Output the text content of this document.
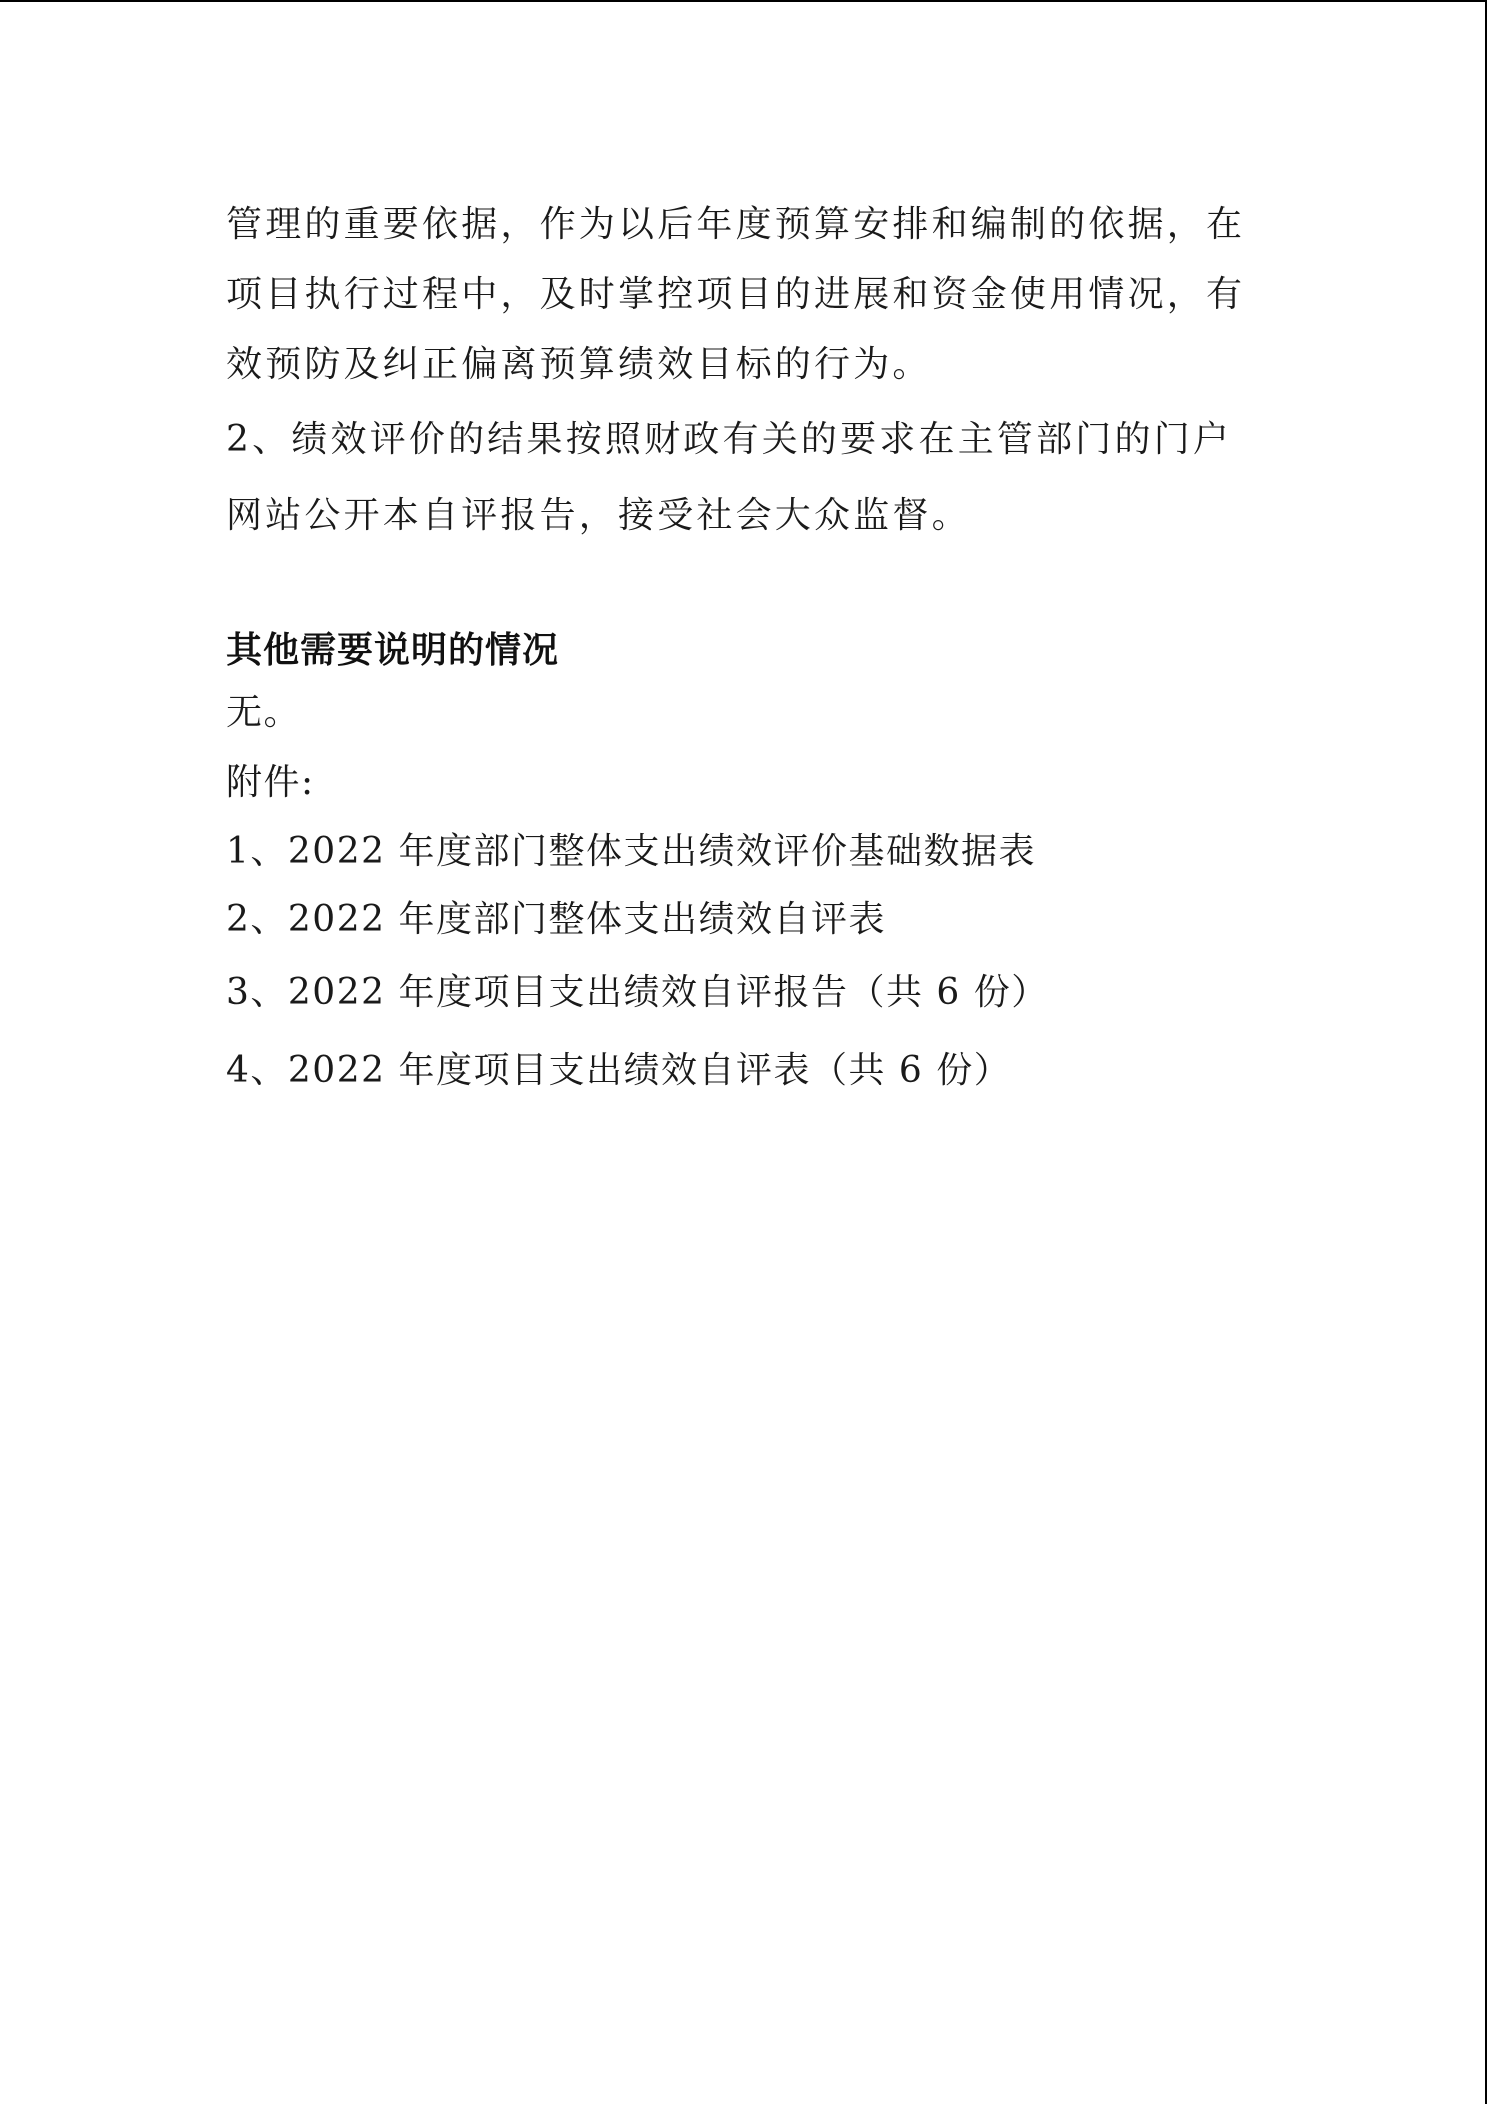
管理的重要依据，作为以后年度预算安排和编制的依据，在
项目执行过程中，及时掌控项目的进展和资金使用情况，有
效预防及纠正偏离预算绩效目标的行为。

2、绩效评价的结果按照财政有关的要求在主管部门的门户
网站公开本自评报告，接受社会大众监督。

其他需要说明的情况

无。

附件:

1、2022 年度部门整体支出绩效评价基础数据表
2、2022 年度部门整体支出绩效自评表
3、2022 年度项目支出绩效自评报告（共 6 份）
4、2022 年度项目支出绩效自评表（共 6 份）
